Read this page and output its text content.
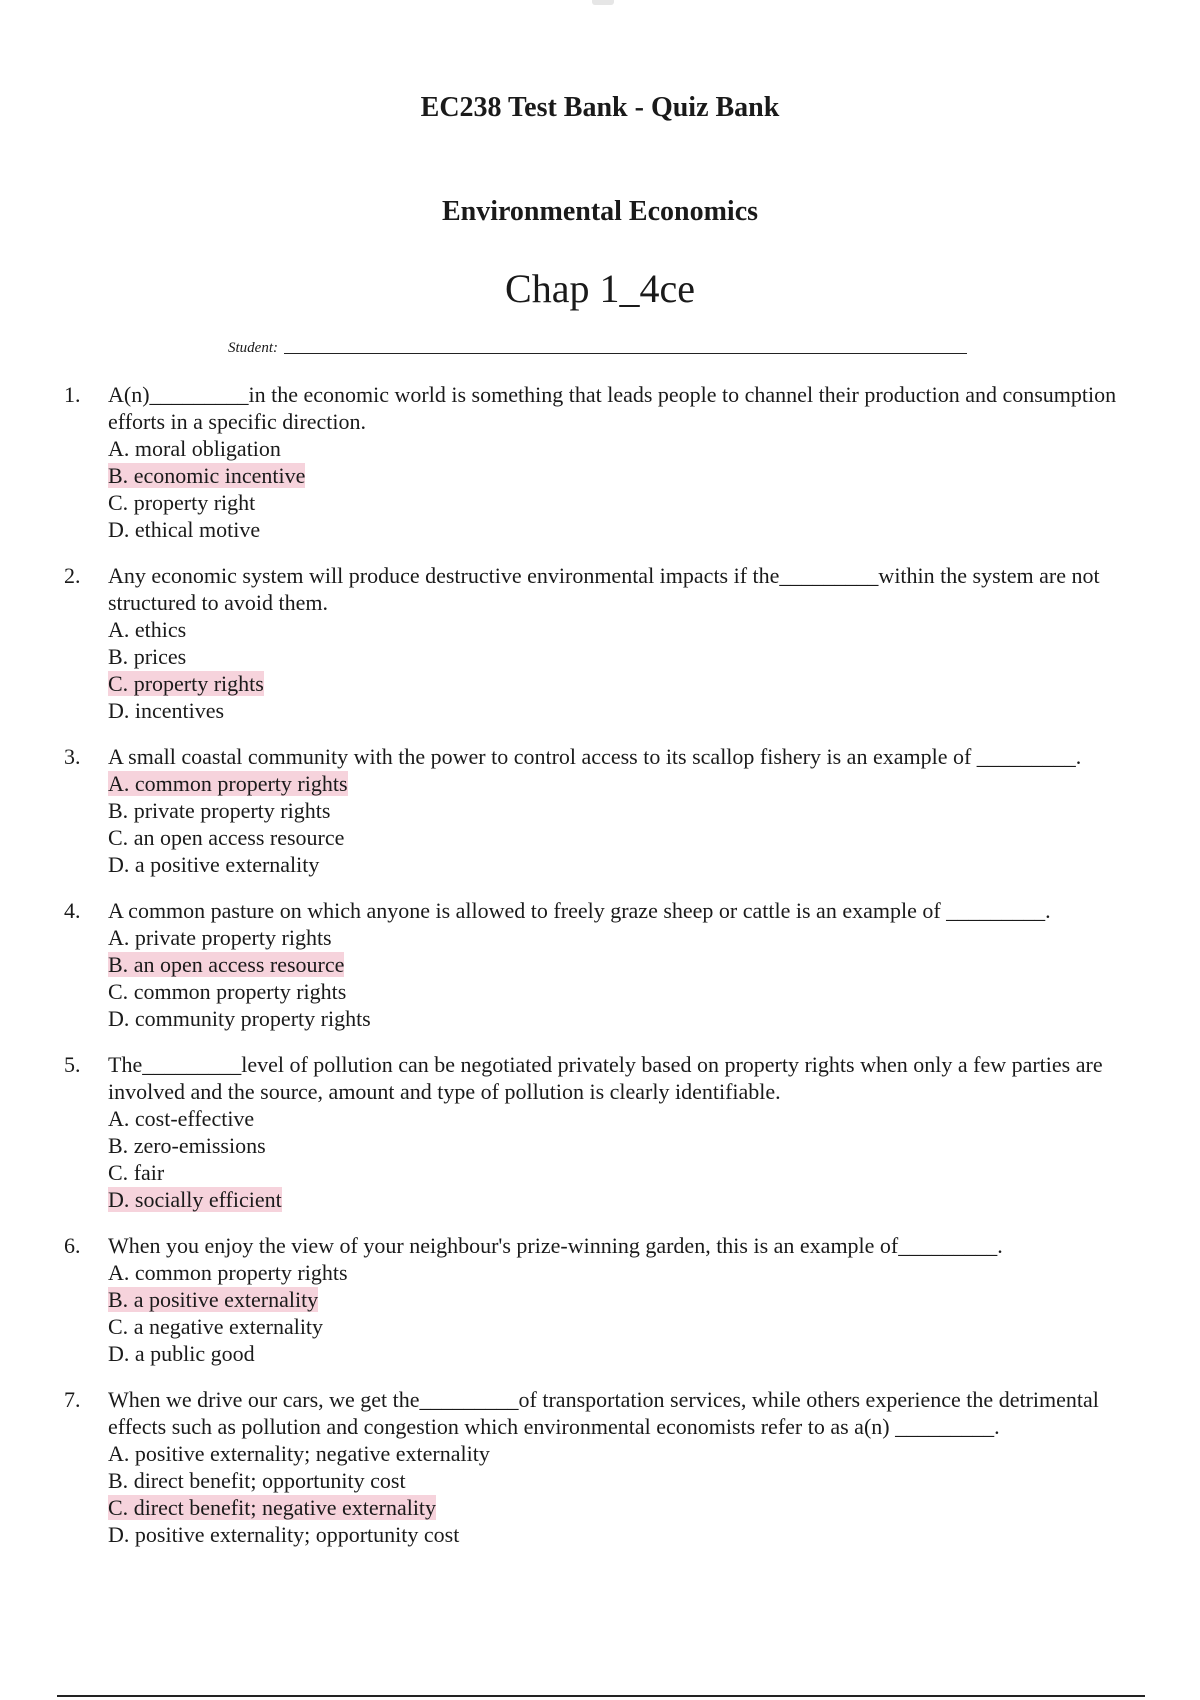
EC238 Test Bank - Quiz Bank
Environmental Economics
Chap 1_4ce
Student:
1.	A(n)_________in the economic world is something that leads people to channel their production and consumption efforts in a specific direction.
A. moral obligation
B. economic incentive
C. property right
D. ethical motive
2.	Any economic system will produce destructive environmental impacts if the_________within the system are not structured to avoid them.
A. ethics
B. prices
C. property rights
D. incentives
3.	A small coastal community with the power to control access to its scallop fishery is an example of _________.
A. common property rights
B. private property rights
C. an open access resource
D. a positive externality
4.	A common pasture on which anyone is allowed to freely graze sheep or cattle is an example of _________.
A. private property rights
B. an open access resource
C. common property rights
D. community property rights
5.	The_________level of pollution can be negotiated privately based on property rights when only a few parties are involved and the source, amount and type of pollution is clearly identifiable.
A. cost-effective
B. zero-emissions
C. fair
D. socially efficient
6.	When you enjoy the view of your neighbour's prize-winning garden, this is an example of_________.
A. common property rights
B. a positive externality
C. a negative externality
D. a public good
7.	When we drive our cars, we get the_________of transportation services, while others experience the detrimental effects such as pollution and congestion which environmental economists refer to as a(n) _________.
A. positive externality; negative externality
B. direct benefit; opportunity cost
C. direct benefit; negative externality
D. positive externality; opportunity cost
